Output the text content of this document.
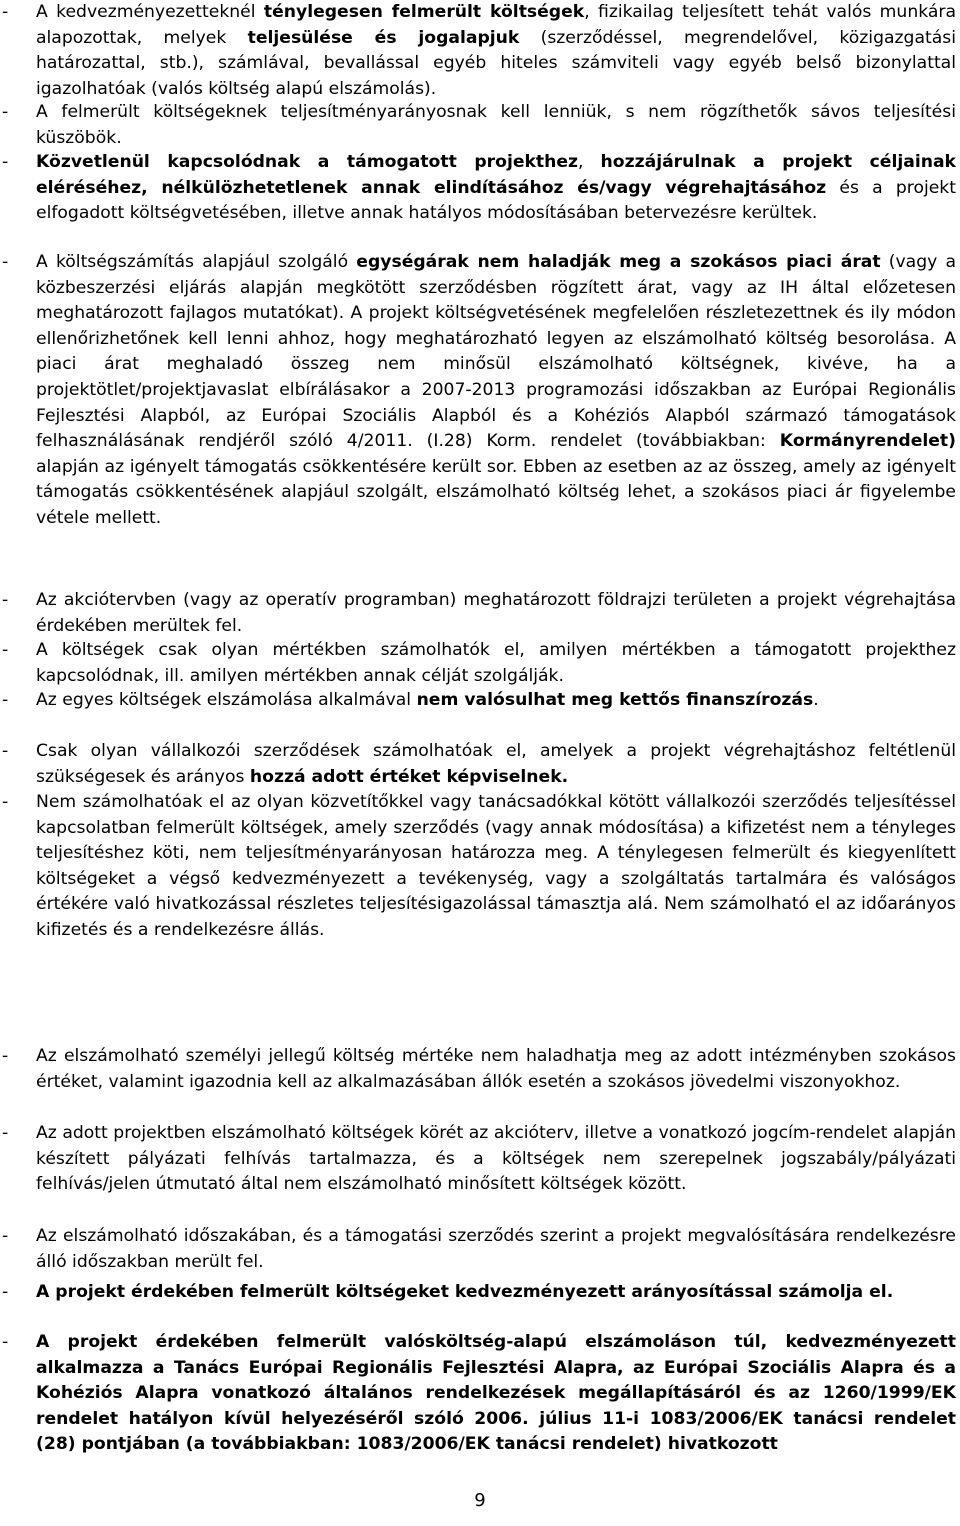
- A kedvezményezetteknél ténylegesen felmerült költségek, fizikailag teljesített tehát valós munkára alapozottak, melyek teljesülése és jogalapjuk (szerződéssel, megrendelővel, közigazgatási határozattal, stb.), számlával, bevallással egyéb hiteles számviteli vagy egyéb belső bizonylattal igazolhatóak (valós költség alapú elszámolás).
- A felmerült költségeknek teljesítményarányosnak kell lenniük, s nem rögzíthetők sávos teljesítési küszöbök.
- Közvetlenül kapcsolódnak a támogatott projekthez, hozzájárulnak a projekt céljainak eléréséhez, nélkülözhetetlenek annak elindításához és/vagy végrehajtásához és a projekt elfogadott költségvetésében, illetve annak hatályos módosításában betervezésre kerültek.
- A költségszámítás alapjául szolgáló egységárak nem haladják meg a szokásos piaci árat (vagy a közbeszerzési eljárás alapján megkötött szerződésben rögzített árat, vagy az IH által előzetesen meghatározott fajlagos mutatókat). A projekt költségvetésének megfelelően részletezettnek és ily módon ellenőrizhetőnek kell lenni ahhoz, hogy meghatározható legyen az elszámolható költség besorolása. A piaci árat meghaladó összeg nem minősül elszámolható költségnek, kivéve, ha a projektötlet/projektjavaslat elbírálásakor a 2007-2013 programozási időszakban az Európai Regionális Fejlesztési Alapból, az Európai Szociális Alapból és a Kohéziós Alapból származó támogatások felhasználásának rendjéről szóló 4/2011. (I.28) Korm. rendelet (továbbiakban: Kormányrendelet) alapján az igényelt támogatás csökkentésére került sor. Ebben az esetben az az összeg, amely az igényelt támogatás csökkentésének alapjául szolgált, elszámolható költség lehet, a szokásos piaci ár figyelembe vétele mellett.
- Az akciótervben (vagy az operatív programban) meghatározott földrajzi területen a projekt végrehajtása érdekében merültek fel.
- A költségek csak olyan mértékben számolhatók el, amilyen mértékben a támogatott projekthez kapcsolódnak, ill. amilyen mértékben annak célját szolgálják.
- Az egyes költségek elszámolása alkalmával nem valósulhat meg kettős finanszírozás.
- Csak olyan vállalkozói szerződések számolhatóak el, amelyek a projekt végrehajtáshoz feltétlenül szükségesek és arányos hozzá adott értéket képviselnek.
- Nem számolhatóak el az olyan közvetítőkkel vagy tanácsadókkal kötött vállalkozói szerződés teljesítéssel kapcsolatban felmerült költségek, amely szerződés (vagy annak módosítása) a kifizetést nem a tényleges teljesítéshez köti, nem teljesítményarányosan határozza meg. A ténylegesen felmerült és kiegyenlített költségeket a végső kedvezményezett a tevékenység, vagy a szolgáltatás tartalmára és valóságos értékére való hivatkozással részletes teljesítésigazolással támasztja alá. Nem számolható el az időarányos kifizetés és a rendelkezésre állás.
- Az elszámolható személyi jellegű költség mértéke nem haladhatja meg az adott intézményben szokásos értéket, valamint igazodnia kell az alkalmazásában állók esetén a szokásos jövedelmi viszonyokhoz.
- Az adott projektben elszámolható költségek körét az akcióterv, illetve a vonatkozó jogcím-rendelet alapján készített pályázati felhívás tartalmazza, és a költségek nem szerepelnek jogszabály/pályázati felhívás/jelen útmutató által nem elszámolható minősített költségek között.
- Az elszámolható időszakában, és a támogatási szerződés szerint a projekt megvalósítására rendelkezésre álló időszakban merült fel.
- A projekt érdekében felmerült költségeket kedvezményezett arányosítással számolja el.
- A projekt érdekében felmerült valósköltség-alapú elszámoláson túl, kedvezményezett alkalmazza a Tanács Európai Regionális Fejlesztési Alapra, az Európai Szociális Alapra és a Kohéziós Alapra vonatkozó általános rendelkezések megállapításáról és az 1260/1999/EK rendelet hatályon kívül helyezéséről szóló 2006. július 11-i 1083/2006/EK tanácsi rendelet (28) pontjában (a továbbiakban: 1083/2006/EK tanácsi rendelet) hivatkozott
9
